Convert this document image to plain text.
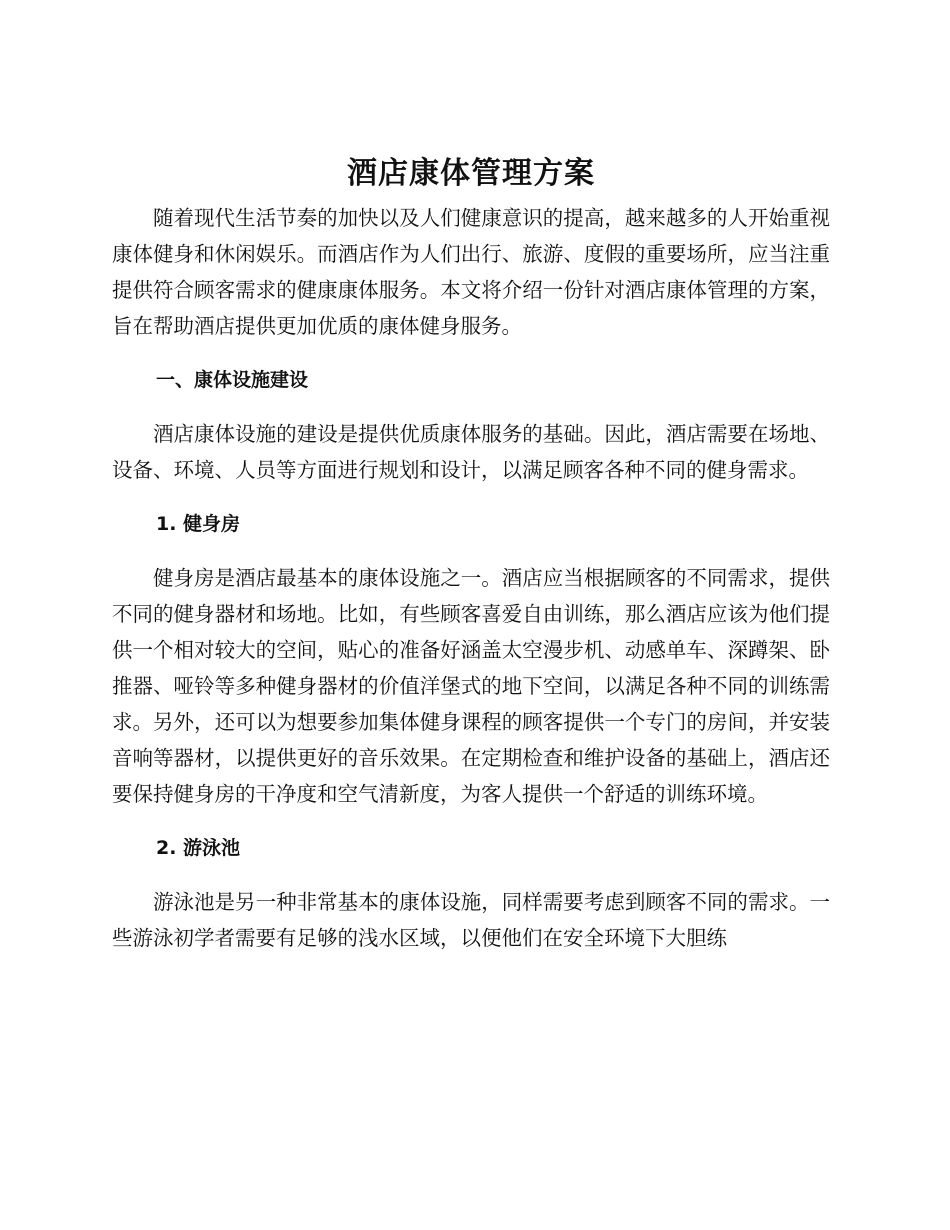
酒店康体管理方案

随着现代生活节奏的加快以及人们健康意识的提高，越来越多的人开始重视康体健身和休闲娱乐。而酒店作为人们出行、旅游、度假的重要场所，应当注重提供符合顾客需求的健康康体服务。本文将介绍一份针对酒店康体管理的方案，旨在帮助酒店提供更加优质的康体健身服务。

一、康体设施建设

酒店康体设施的建设是提供优质康体服务的基础。因此，酒店需要在场地、设备、环境、人员等方面进行规划和设计，以满足顾客各种不同的健身需求。

1. 健身房

健身房是酒店最基本的康体设施之一。酒店应当根据顾客的不同需求，提供不同的健身器材和场地。比如，有些顾客喜爱自由训练，那么酒店应该为他们提供一个相对较大的空间，贴心的准备好涵盖太空漫步机、动感单车、深蹲架、卧推器、哑铃等多种健身器材的价值洋堡式的地下空间，以满足各种不同的训练需求。另外，还可以为想要参加集体健身课程的顾客提供一个专门的房间，并安装音响等器材，以提供更好的音乐效果。在定期检查和维护设备的基础上，酒店还要保持健身房的干净度和空气清新度，为客人提供一个舒适的训练环境。

2. 游泳池

游泳池是另一种非常基本的康体设施，同样需要考虑到顾客不同的需求。一些游泳初学者需要有足够的浅水区域，以便他们在安全环境下大胆练
